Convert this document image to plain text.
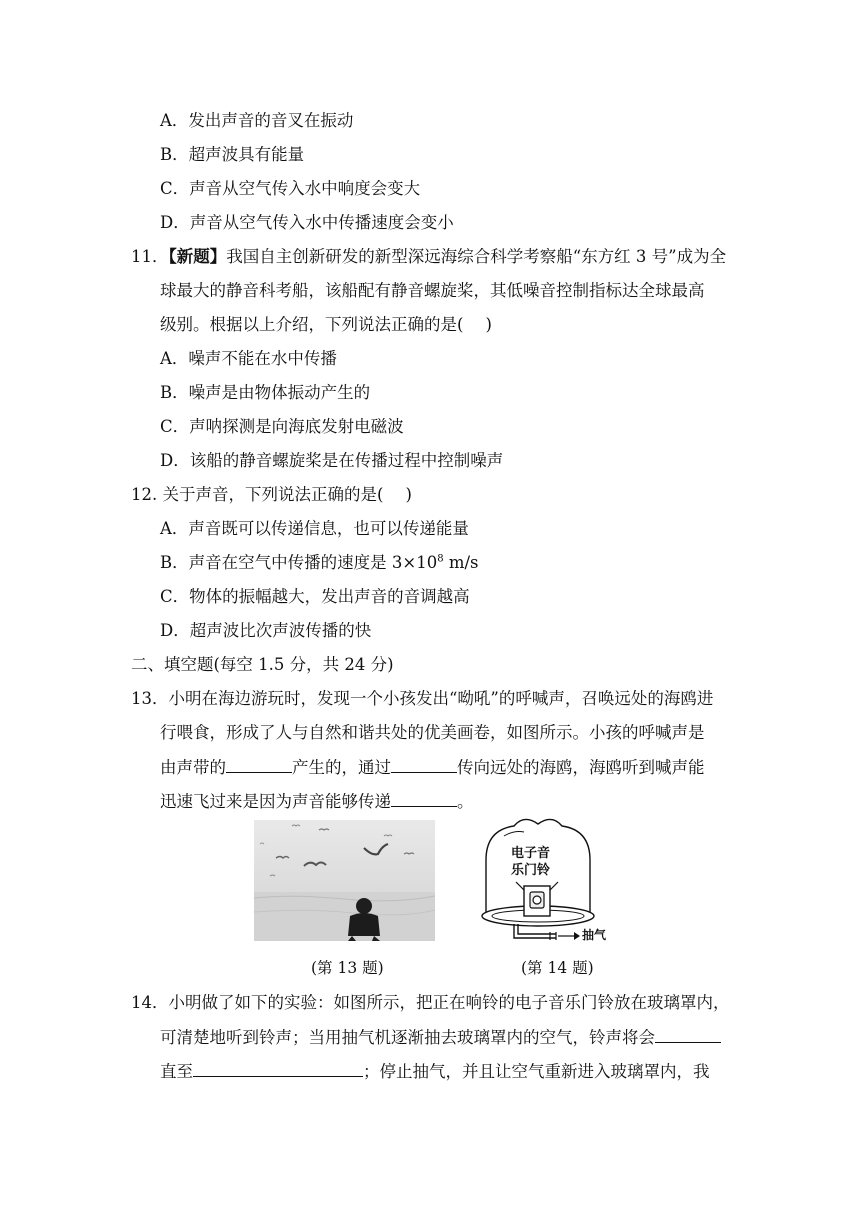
A．发出声音的音叉在振动
B．超声波具有能量
C．声音从空气传入水中响度会变大
D．声音从空气传入水中传播速度会变小
11．【新题】我国自主创新研发的新型深远海综合科学考察船“东方红 3 号”成为全
球最大的静音科考船，该船配有静音螺旋桨，其低噪音控制指标达全球最高
级别。根据以上介绍，下列说法正确的是( )
A．噪声不能在水中传播
B．噪声是由物体振动产生的
C．声呐探测是向海底发射电磁波
D．该船的静音螺旋桨是在传播过程中控制噪声
12. 关于声音，下列说法正确的是( )
A．声音既可以传递信息，也可以传递能量
B．声音在空气中传播的速度是 $3\times 10^8$ m/s
C．物体的振幅越大，发出声音的音调越高
D．超声波比次声波传播的快
二、填空题(每空 1.5 分，共 24 分)
13．小明在海边游玩时，发现一个小孩发出“呦吼”的呼喊声，召唤远处的海鸥进
行喂食，形成了人与自然和谐共处的优美画卷，如图所示。小孩的呼喊声是
由声带的	产生的，通过	传向远处的海鸥，海鸥听到喊声能
迅速飞过来是因为声音能够传递	。
电子音
乐门铃
抽气
(第 13 题)	(第 14 题)
14．小明做了如下的实验：如图所示，把正在响铃的电子音乐门铃放在玻璃罩内，
可清楚地听到铃声；当用抽气机逐渐抽去玻璃罩内的空气，铃声将会
直至	；停止抽气，并且让空气重新进入玻璃罩内，我
